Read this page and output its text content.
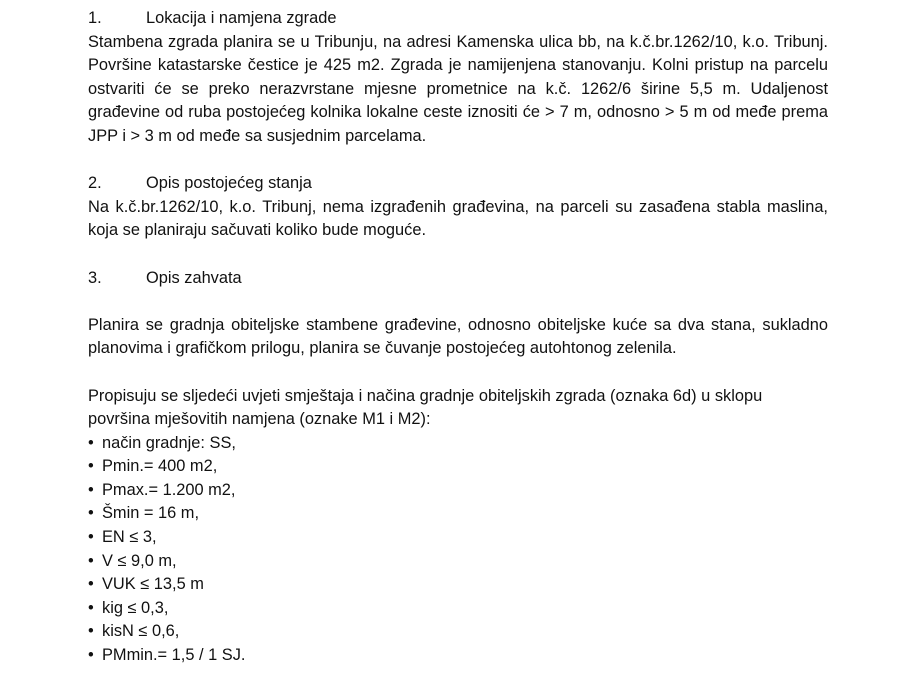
1.	Lokacija i namjena zgrade

Stambena zgrada planira se u Tribunju, na adresi Kamenska ulica bb, na k.č.br.1262/10, k.o. Tribunj. Površine katastarske čestice je 425 m2. Zgrada je namijenjena stanovanju. Kolni pristup na parcelu ostvariti će se preko nerazvrstane mjesne prometnice na k.č. 1262/6 širine 5,5 m. Udaljenost građevine od ruba postojećeg kolnika lokalne ceste iznositi će > 7 m, odnosno > 5 m od međe prema JPP i > 3 m od međe sa susjednim parcelama.

2.	Opis postojećeg stanja

Na k.č.br.1262/10, k.o. Tribunj, nema izgrađenih građevina, na parceli su zasađena stabla maslina, koja se planiraju sačuvati koliko bude moguće.

3.	Opis zahvata

Planira se gradnja obiteljske stambene građevine, odnosno obiteljske kuće sa dva stana, sukladno planovima i grafičkom prilogu, planira se čuvanje postojećeg autohtonog zelenila.

Propisuju se sljedeći uvjeti smještaja i načina gradnje obiteljskih zgrada (oznaka 6d) u sklopu površina mješovitih namjena (oznake M1 i M2):

• način gradnje: SS,
• Pmin.= 400 m2,
• Pmax.= 1.200 m2,
• Šmin = 16 m,
• EN ≤ 3,
• V ≤ 9,0 m,
• VUK ≤ 13,5 m
• kig ≤ 0,3,
• kisN ≤ 0,6,
• PMmin.= 1,5 / 1 SJ.
